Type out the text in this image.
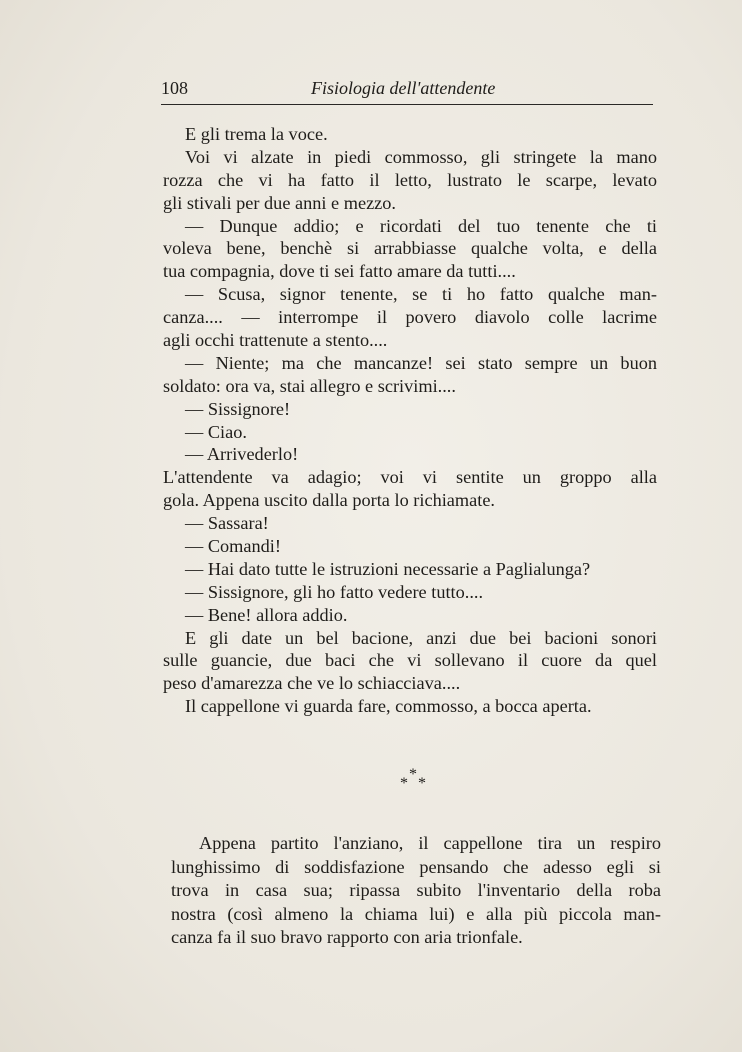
108	Fisiologia dell'attendente
E gli trema la voce.
Voi vi alzate in piedi commosso, gli stringete la mano
rozza che vi ha fatto il letto, lustrato le scarpe, levato
gli stivali per due anni e mezzo.
— Dunque addio; e ricordati del tuo tenente che ti
voleva bene, benchè si arrabbiasse qualche volta, e della
tua compagnia, dove ti sei fatto amare da tutti....
— Scusa, signor tenente, se ti ho fatto qualche man-
canza.... — interrompe il povero diavolo colle lacrime
agli occhi trattenute a stento....
— Niente; ma che mancanze! sei stato sempre un buon
soldato: ora va, stai allegro e scrivimi....
— Sissignore!
— Ciao.
— Arrivederlo!
L'attendente va adagio; voi vi sentite un groppo alla
gola. Appena uscito dalla porta lo richiamate.
— Sassara!
— Comandi!
— Hai dato tutte le istruzioni necessarie a Paglialunga?
— Sissignore, gli ho fatto vedere tutto....
— Bene! allora addio.
E gli date un bel bacione, anzi due bei bacioni sonori
sulle guancie, due baci che vi sollevano il cuore da quel
peso d'amarezza che ve lo schiacciava....
Il cappellone vi guarda fare, commosso, a bocca aperta.
*
* *
Appena partito l'anziano, il cappellone tira un respiro
lunghissimo di soddisfazione pensando che adesso egli si
trova in casa sua; ripassa subito l'inventario della roba
nostra (così almeno la chiama lui) e alla più piccola man-
canza fa il suo bravo rapporto con aria trionfale.
